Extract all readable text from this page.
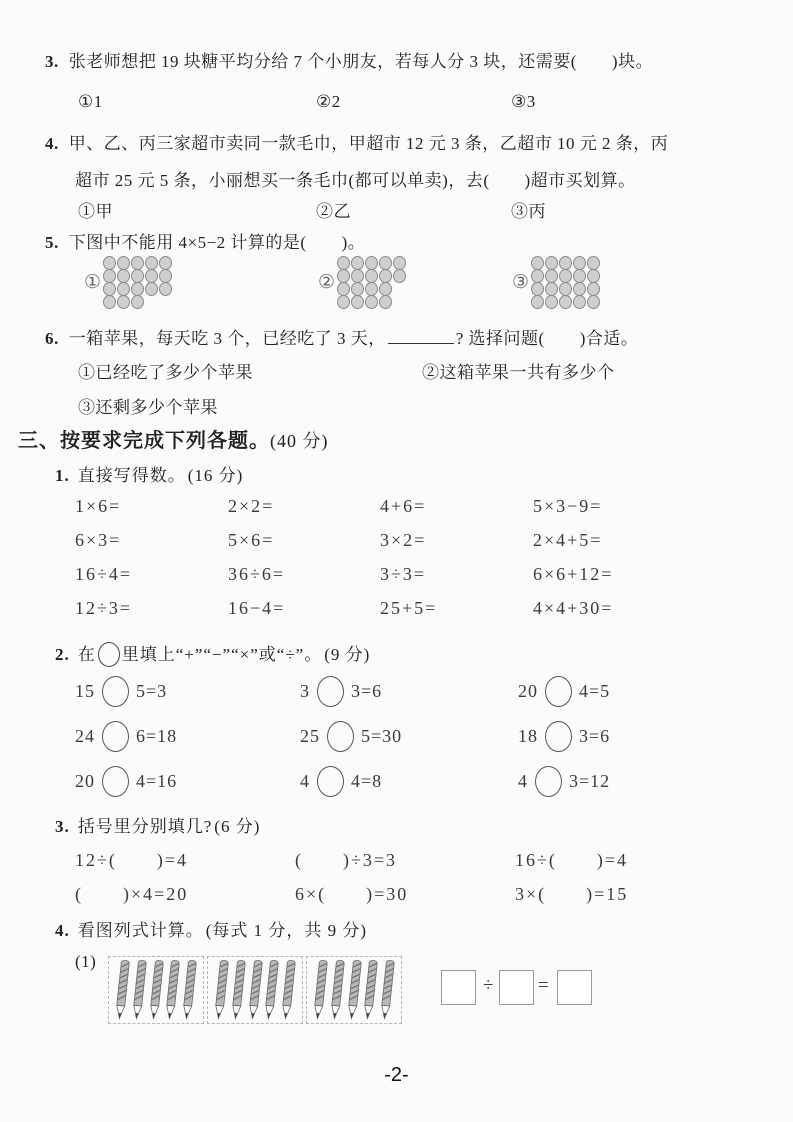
3. 张老师想把 19 块糖平均分给 7 个小朋友，若每人分 3 块，还需要(　　)块。
①1	②2	③3
4. 甲、乙、丙三家超市卖同一款毛巾，甲超市 12 元 3 条，乙超市 10 元 2 条，丙
超市 25 元 5 条，小丽想买一条毛巾(都可以单卖)，去(　　)超市买划算。
①甲	②乙	③丙
5. 下图中不能用 4×5−2 计算的是(　　)。
①	②	③
6. 一箱苹果，每天吃 3 个，已经吃了 3 天，	? 选择问题(　　)合适。
①已经吃了多少个苹果	②这箱苹果一共有多少个
③还剩多少个苹果
三、按要求完成下列各题。(40 分)
1. 直接写得数。 (16 分)
1×6=	2×2=	4+6=	5×3−9=
6×3=	5×6=	3×2=	2×4+5=
16÷4=	36÷6=	3÷3=	6×6+12=
12÷3=	16−4=	25+5=	4×4+30=
2. 在 里填上“+”“−”“×”或“÷”。 (9 分)
15 5=3	3 3=6	20 4=5
24 6=18	25 5=30	18 3=6
20 4=16	4 4=8	4 3=12
3. 括号里分别填几? (6 分)
12÷(　　)=4	(　　)÷3=3	16÷(　　)=4
(　　)×4=20	6×(　　)=30	3×(　　)=15
4. 看图列式计算。 (每式 1 分，共 9 分)
(1)
÷ =
-2-
